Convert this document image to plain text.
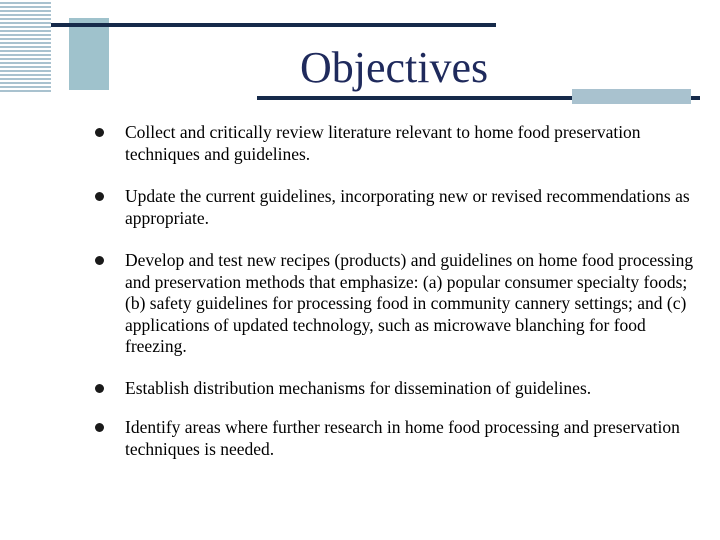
Objectives
Collect and critically review literature relevant to home food preservation techniques and guidelines.
Update the current guidelines, incorporating new or revised recommendations as appropriate.
Develop and test new recipes (products) and guidelines on home food processing and preservation methods that emphasize: (a) popular consumer specialty foods; (b) safety guidelines for processing food in community cannery settings; and (c) applications of updated technology, such as microwave blanching for food freezing.
Establish distribution mechanisms for dissemination of guidelines.
Identify areas where further research in home food processing and preservation techniques is needed.
